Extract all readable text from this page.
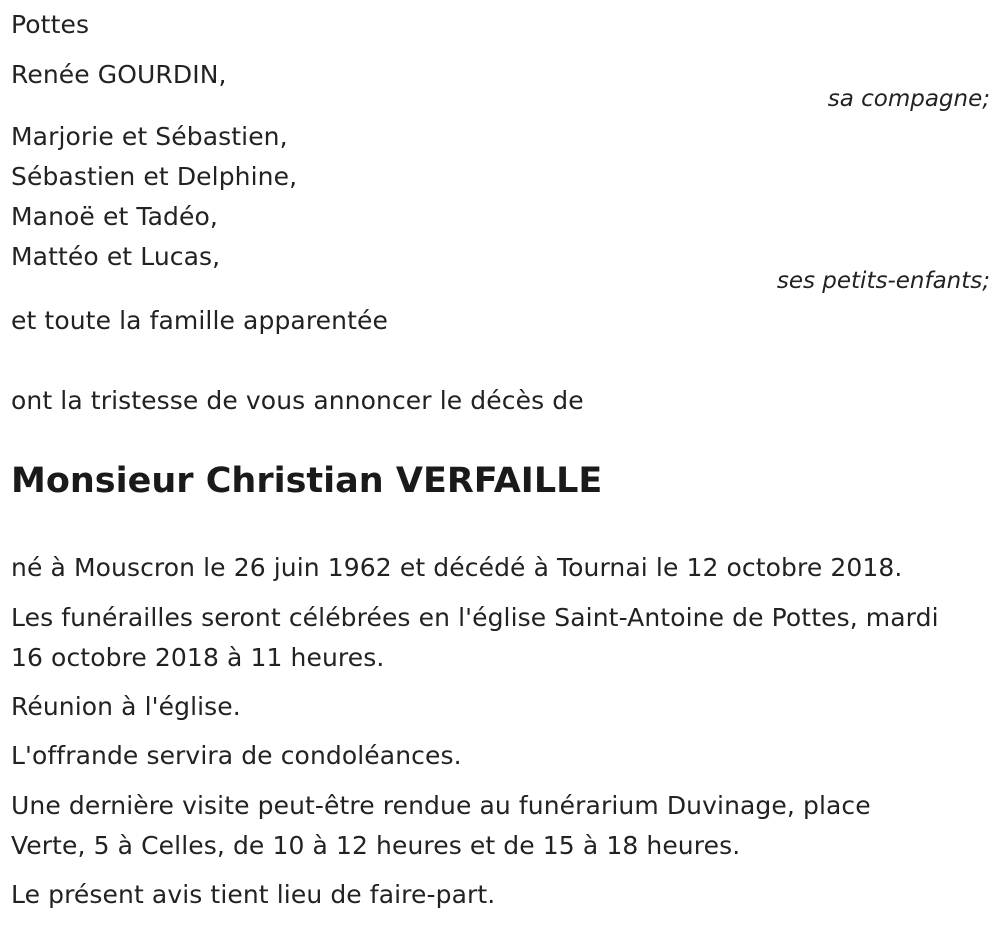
Pottes
Renée GOURDIN,
sa compagne;
Marjorie et Sébastien,
Sébastien et Delphine,
Manoë et Tadéo,
Mattéo et Lucas,
ses petits-enfants;
et toute la famille apparentée
ont la tristesse de vous annoncer le décès de
Monsieur Christian VERFAILLE
né à Mouscron le 26 juin 1962 et décédé à Tournai le 12 octobre 2018.
Les funérailles seront célébrées en l'église Saint-Antoine de Pottes, mardi
16 octobre 2018 à 11 heures.
Réunion à l'église.
L'offrande servira de condoléances.
Une dernière visite peut-être rendue au funérarium Duvinage, place
Verte, 5 à Celles, de 10 à 12 heures et de 15 à 18 heures.
Le présent avis tient lieu de faire-part.
